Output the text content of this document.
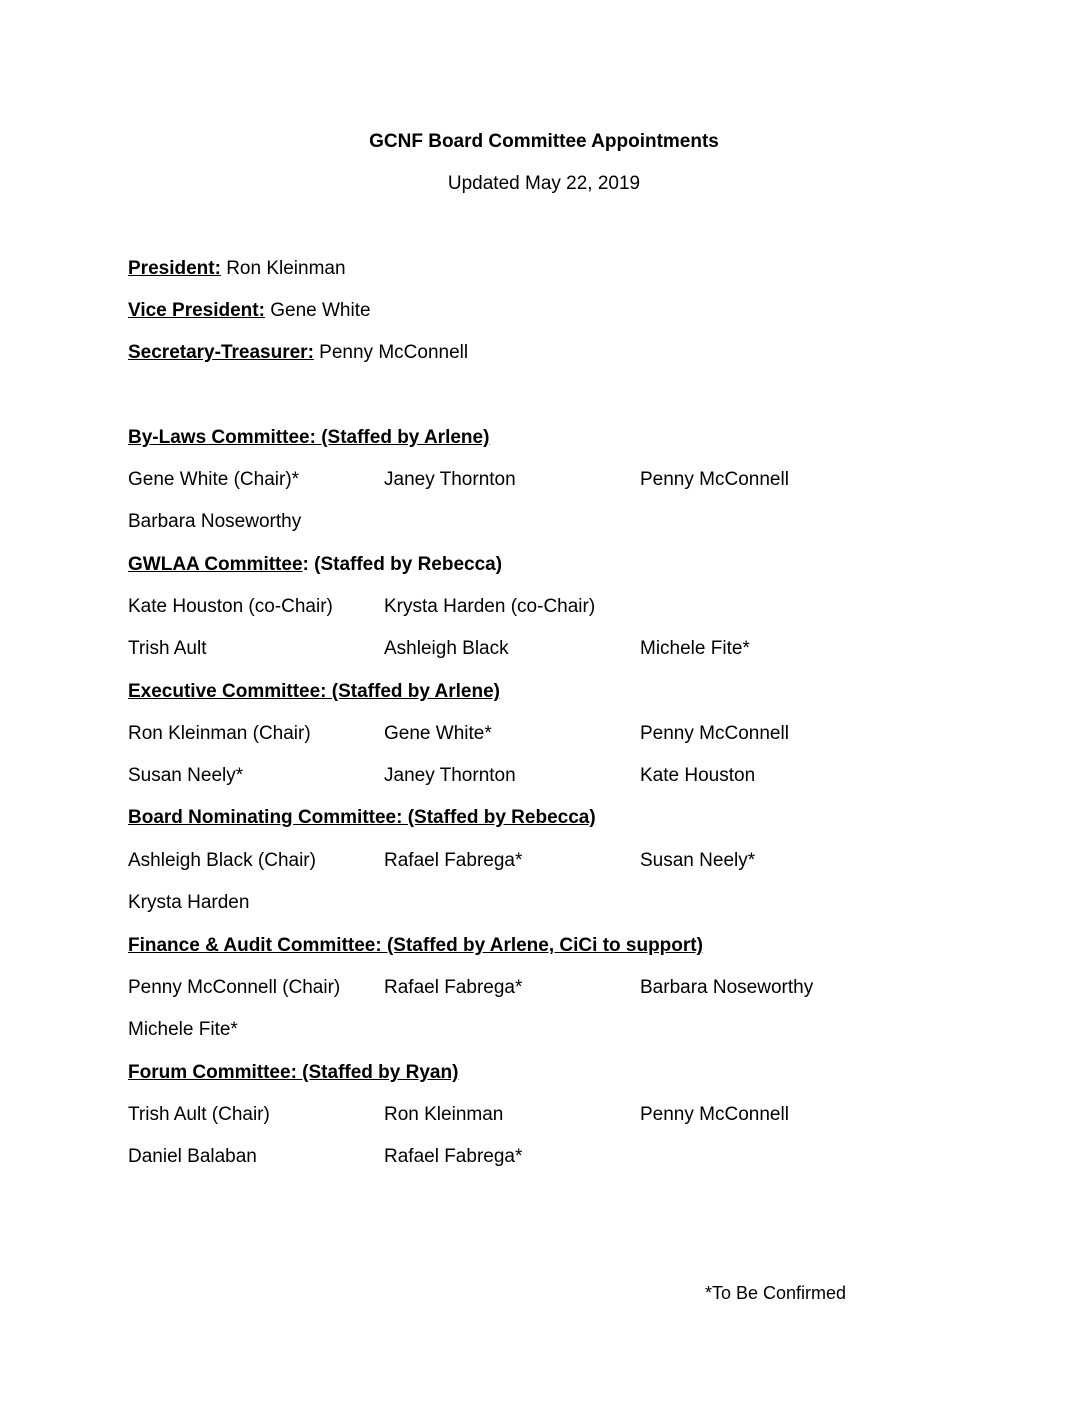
GCNF Board Committee Appointments
Updated May 22, 2019
President: Ron Kleinman
Vice President: Gene White
Secretary-Treasurer: Penny McConnell
By-Laws Committee: (Staffed by Arlene)
Gene White (Chair)*	Janey Thornton	Penny McConnell
Barbara Noseworthy
GWLAA Committee: (Staffed by Rebecca)
Kate Houston (co-Chair)	Krysta Harden (co-Chair)
Trish Ault	Ashleigh Black	Michele Fite*
Executive Committee: (Staffed by Arlene)
Ron Kleinman (Chair)	Gene White*	Penny McConnell
Susan Neely*	Janey Thornton	Kate Houston
Board Nominating Committee: (Staffed by Rebecca)
Ashleigh Black (Chair)	Rafael Fabrega*	Susan Neely*
Krysta Harden
Finance & Audit Committee: (Staffed by Arlene, CiCi to support)
Penny McConnell (Chair) Rafael Fabrega*	Barbara Noseworthy
Michele Fite*
Forum Committee: (Staffed by Ryan)
Trish Ault (Chair)	Ron Kleinman	Penny McConnell
Daniel Balaban	Rafael Fabrega*
*To Be Confirmed
